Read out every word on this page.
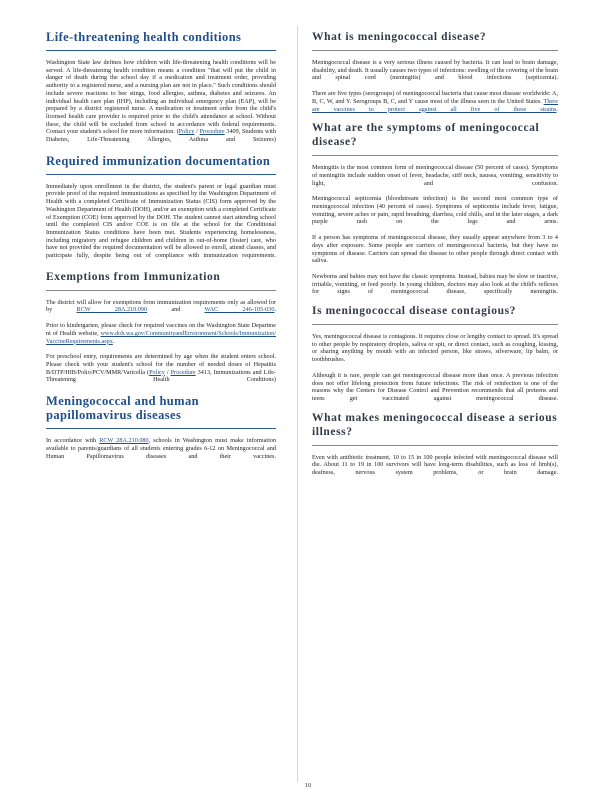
Life-threatening health conditions

Washington State law defines how children with life-threatening health conditions will be served. A life-threatening health condition means a condition "that will put the child in danger of death during the school day if a medication and treatment order, providing authority to a registered nurse, and a nursing plan are not in place." Such conditions should include severe reactions to bee stings, food allergies, asthma, diabetes and seizures. An individual health care plan (IHP), including an individual emergency plan (EAP), will be prepared by a district registered nurse. A medication or treatment order from the child's licensed health care provider is required prior to the child's attendance at school. Without these, the child will be excluded from school in accordance with federal requirements. Contact your student's school for more information. (Policy / Procedure 3409, Students with Diabetes, Life-Threatening Allergies, Asthma and Seizures)

Required immunization documentation

Immediately upon enrollment in the district, the student's parent or legal guardian must provide proof of the required immunizations as specified by the Washington Department of Health with a completed Certificate of Immunization Status (CIS) form approved by the Washington Department of Health (DOH), and/or an exemption with a completed Certificate of Exemption (COE) form approved by the DOH. The student cannot start attending school until the completed CIS and/or COE is on file at the school for the Conditional Immunization Status conditions have been met. Students experiencing homelessness, including migratory and refugee children and children in out-of-home (foster) care, who have not provided the required documentation will be allowed to enroll, attend classes, and participate fully, despite being out of compliance with immunization requirements.

Exemptions from Immunization

The district will allow for exemptions from immunization requirements only as allowed for by RCW 28A.210.090 and WAC 246-105-030.

Prior to kindergarten, please check for required vaccines on the Washington State Department of Health website, www.doh.wa.gov/CommunityandEnvironment/Schools/Immunization/VaccineRequirements.aspx.

For preschool entry, requirements are determined by age when the student enters school. Please check with your student's school for the number of needed doses of Hepatitis B/DTP/HIB/Polio/PCV/MMR/Varicella (Policy / Procedure 3413, Immunizations and Life-Threatening Health Conditions)

Meningococcal and human papillomavirus diseases

In accordance with RCW 28A.210.080, schools in Washington must make information available to parents/guardians of all students entering grades 6-12 on Meningococcal and Human Papillomavirus diseases and their vaccines.

What is meningococcal disease?

Meningococcal disease is a very serious illness caused by bacteria. It can lead to brain damage, disability, and death. It usually causes two types of infections: swelling of the covering of the brain and spinal cord (meningitis) and blood infections (septicemia).

There are five types (serogroups) of meningococcal bacteria that cause most disease worldwide: A, B, C, W, and Y. Serogroups B, C, and Y cause most of the illness seen in the United States. There are vaccines to protect against all five of these strains.

What are the symptoms of meningococcal disease?

Meningitis is the most common form of meningococcal disease (50 percent of cases). Symptoms of meningitis include sudden onset of fever, headache, stiff neck, nausea, vomiting, sensitivity to light, and confusion.

Meningococcal septicemia (bloodstream infection) is the second most common type of meningococcal infection (40 percent of cases). Symptoms of septicemia include fever, fatigue, vomiting, severe aches or pain, rapid breathing, diarrhea, cold chills, and in the later stages, a dark purple rash on the legs and arms.

If a person has symptoms of meningococcal disease, they usually appear anywhere from 3 to 4 days after exposure. Some people are carriers of meningococcal bacteria, but they have no symptoms of disease. Carriers can spread the disease to other people through direct contact with saliva.

Newborns and babies may not have the classic symptoms. Instead, babies may be slow or inactive, irritable, vomiting, or feed poorly. In young children, doctors may also look at the child's reflexes for signs of meningococcal disease, specifically meningitis.

Is meningococcal disease contagious?

Yes, meningococcal disease is contagious. It requires close or lengthy contact to spread. It's spread to other people by respiratory droplets, saliva or spit, or direct contact, such as coughing, kissing, or sharing anything by mouth with an infected person, like straws, silverware, lip balm, or toothbrushes.

Although it is rare, people can get meningococcal disease more than once. A previous infection does not offer lifelong protection from future infections. The risk of reinfection is one of the reasons why the Centers for Disease Control and Prevention recommends that all preteens and teens get vaccinated against meningococcal disease.

What makes meningococcal disease a serious illness?

Even with antibiotic treatment, 10 to 15 in 100 people infected with meningococcal disease will die. About 11 to 19 in 100 survivors will have long-term disabilities, such as loss of limb(s), deafness, nervous system problems, or brain damage.

10
